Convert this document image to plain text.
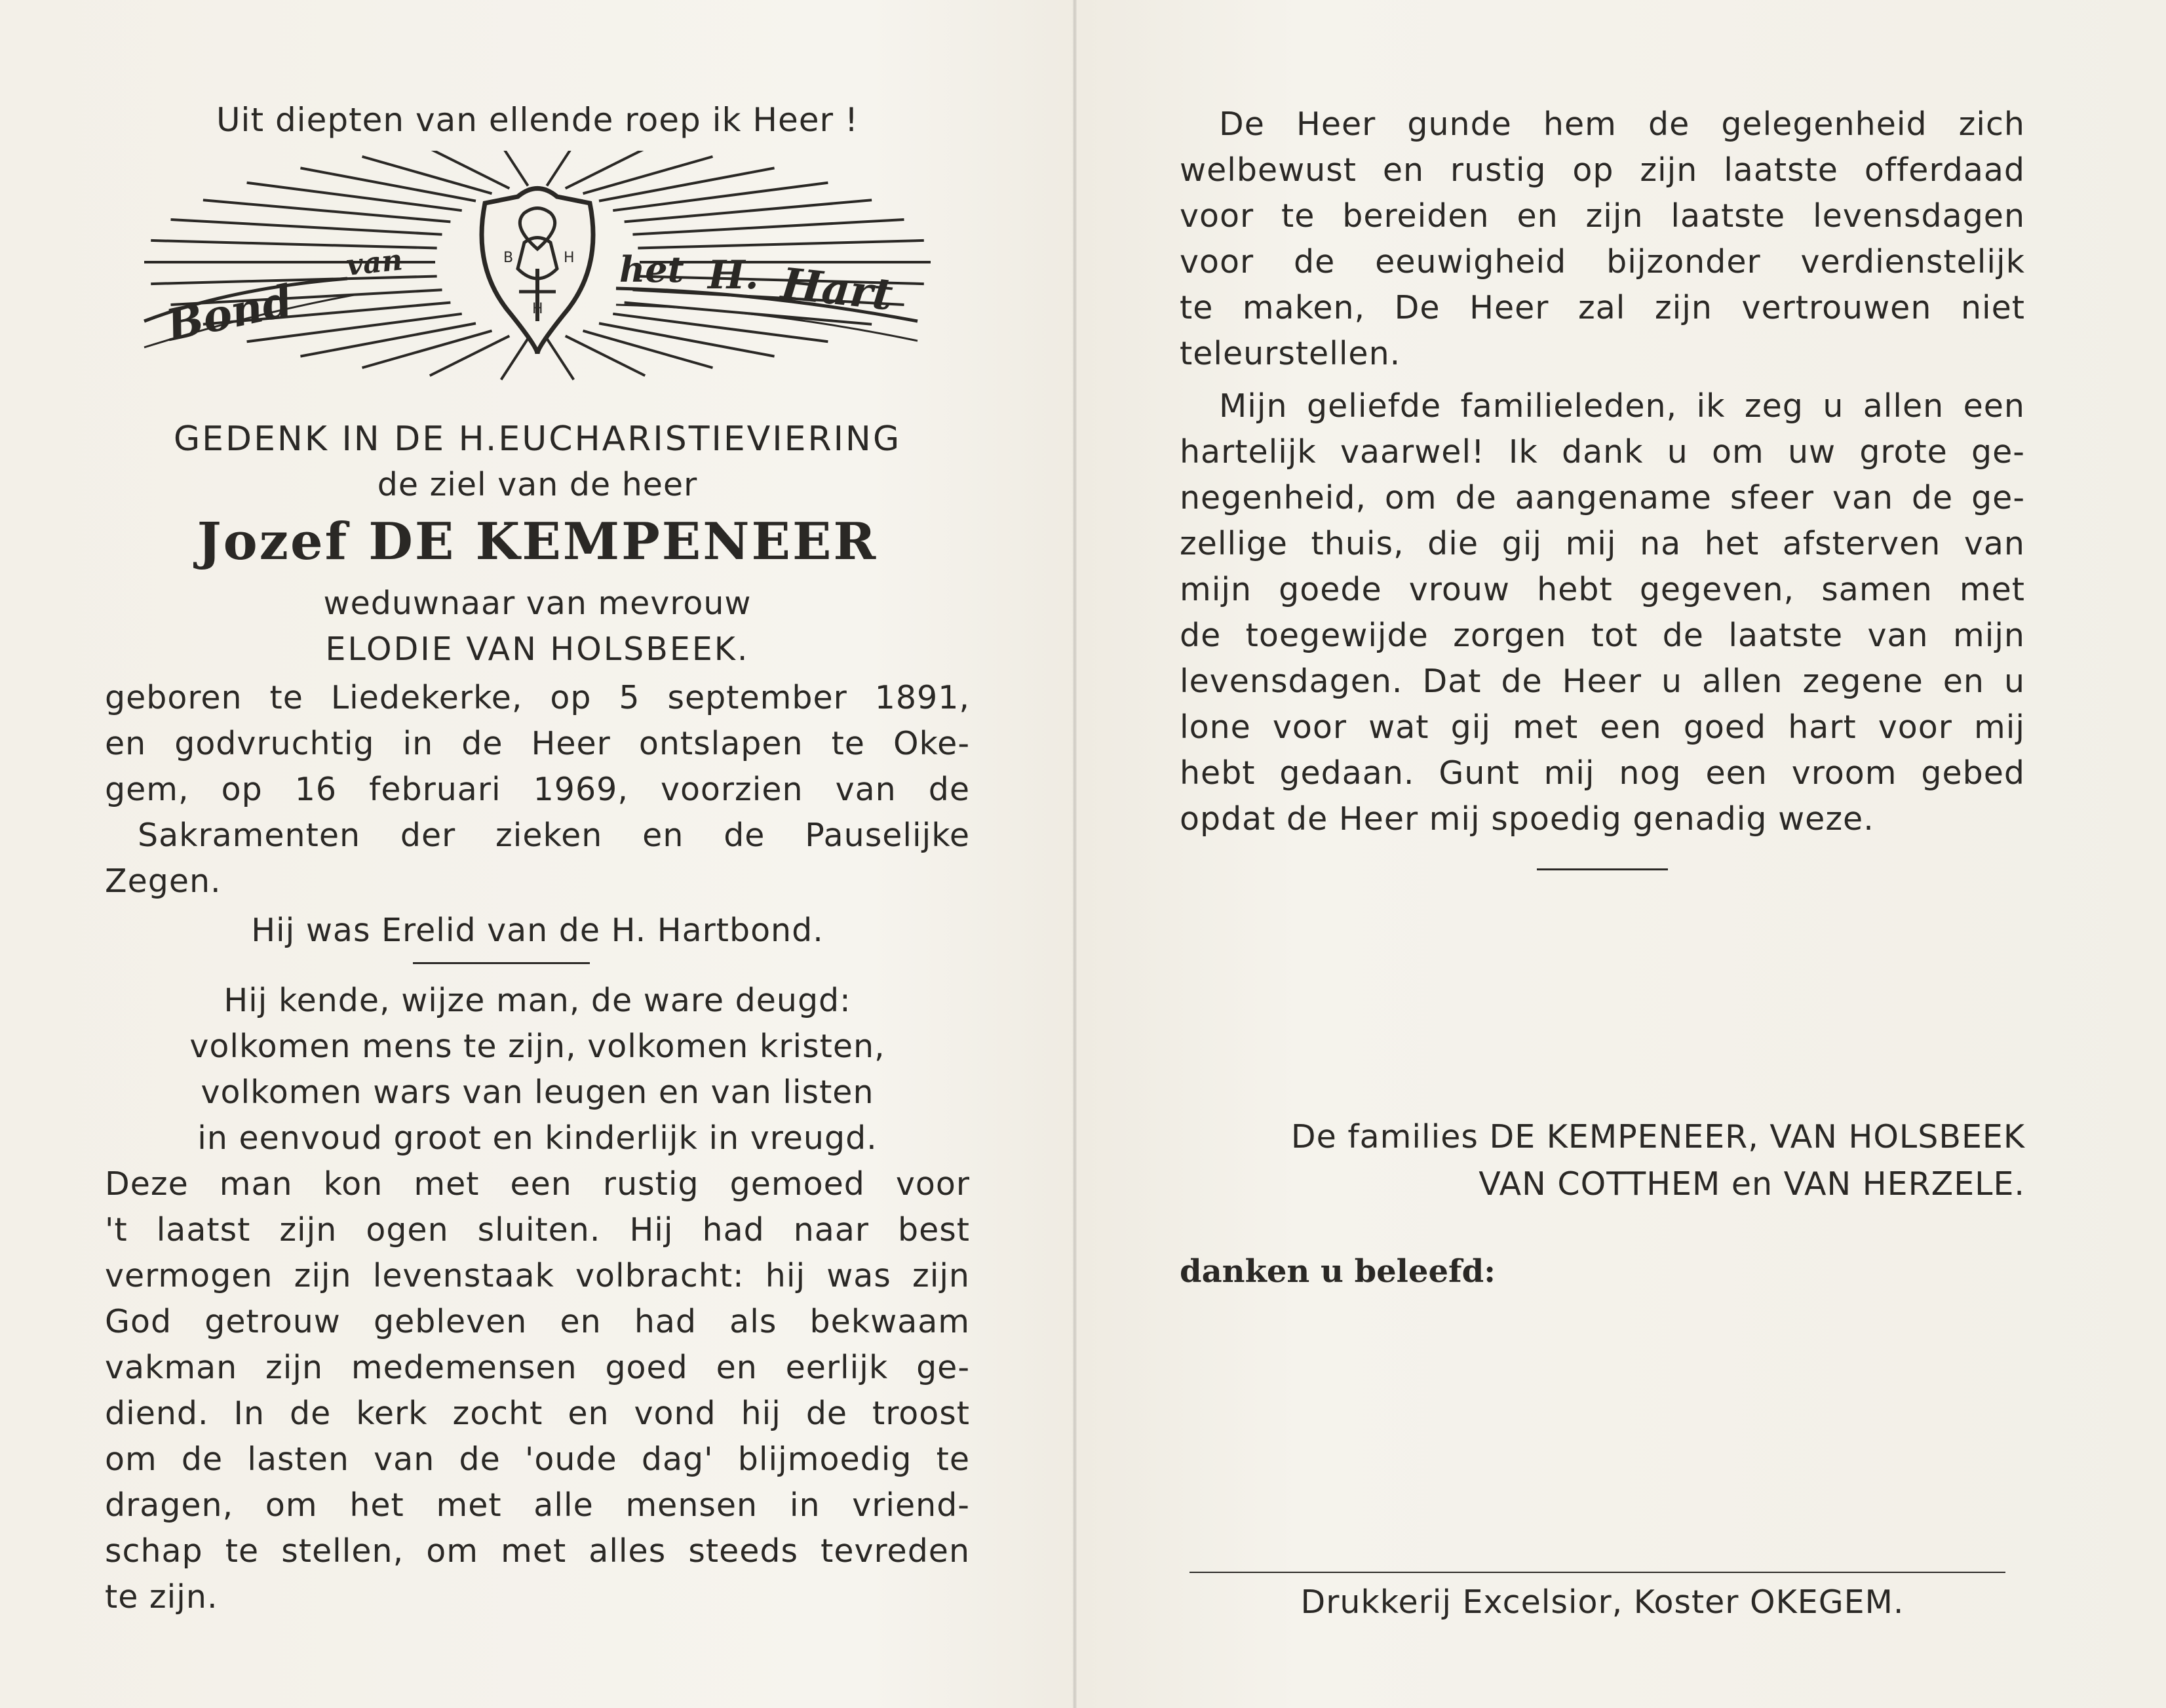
Uit diepten van ellende roep ik Heer !
B	H
H
Bond
van	het H. Hart
GEDENK IN DE H.EUCHARISTIEVIERING
de ziel van de heer
Jozef DE KEMPENEER
weduwnaar van mevrouw
ELODIE VAN HOLSBEEK.
geboren te Liedekerke, op 5 september 1891,
en godvruchtig in de Heer ontslapen te Oke-
gem, op 16 februari 1969, voorzien van de
Sakramenten der zieken en de Pauselijke
Zegen.
Hij was Erelid van de H. Hartbond.
Hij kende, wijze man, de ware deugd:
volkomen mens te zijn, volkomen kristen,
volkomen wars van leugen en van listen
in eenvoud groot en kinderlijk in vreugd.
Deze man kon met een rustig gemoed voor
't laatst zijn ogen sluiten. Hij had naar best
vermogen zijn levenstaak volbracht: hij was zijn
God getrouw gebleven en had als bekwaam
vakman zijn medemensen goed en eerlijk ge-
diend. In de kerk zocht en vond hij de troost
om de lasten van de 'oude dag' blijmoedig te
dragen, om het met alle mensen in vriend-
schap te stellen, om met alles steeds tevreden
te zijn.
De Heer gunde hem de gelegenheid zich
welbewust en rustig op zijn laatste offerdaad
voor te bereiden en zijn laatste levensdagen
voor de eeuwigheid bijzonder verdienstelijk
te maken, De Heer zal zijn vertrouwen niet
teleurstellen.
Mijn geliefde familieleden, ik zeg u allen een
hartelijk vaarwel! Ik dank u om uw grote ge-
negenheid, om de aangename sfeer van de ge-
zellige thuis, die gij mij na het afsterven van
mijn goede vrouw hebt gegeven, samen met
de toegewijde zorgen tot de laatste van mijn
levensdagen. Dat de Heer u allen zegene en u
lone voor wat gij met een goed hart voor mij
hebt gedaan. Gunt mij nog een vroom gebed
opdat de Heer mij spoedig genadig weze.
De families DE KEMPENEER, VAN HOLSBEEK
VAN COTTHEM en VAN HERZELE.
danken u beleefd:
Drukkerij Excelsior, Koster OKEGEM.
